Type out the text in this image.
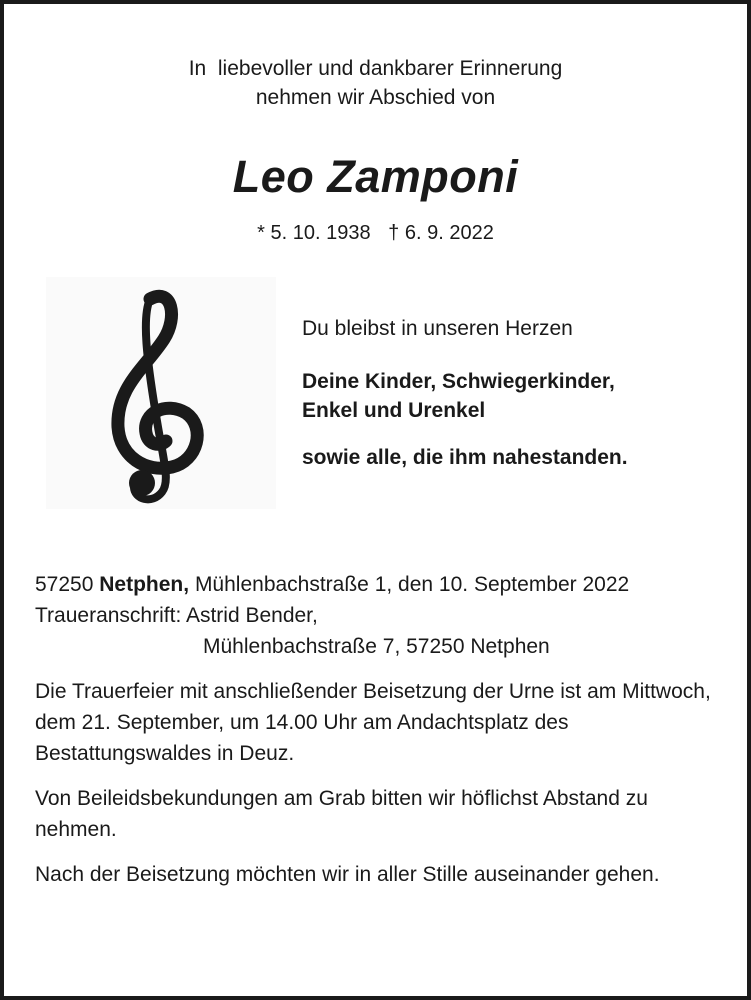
In  liebevoller und dankbarer Erinnerung
nehmen wir Abschied von
Leo Zamponi
* 5. 10. 1938 † 6. 9. 2022
Du bleibst in unseren Herzen
Deine Kinder, Schwiegerkinder,
Enkel und Urenkel
sowie alle, die ihm nahestanden.
57250 Netphen, Mühlenbachstraße 1, den 10. September 2022
Traueranschrift: Astrid Bender,
Mühlenbachstraße 7, 57250 Netphen

Die Trauerfeier mit anschließender Beisetzung der Urne ist am Mittwoch, dem 21. September, um 14.00 Uhr am Andachtsplatz des Bestattungswaldes in Deuz.

Von Beileidsbekundungen am Grab bitten wir höflichst Abstand zu nehmen.

Nach der Beisetzung möchten wir in aller Stille auseinander gehen.
